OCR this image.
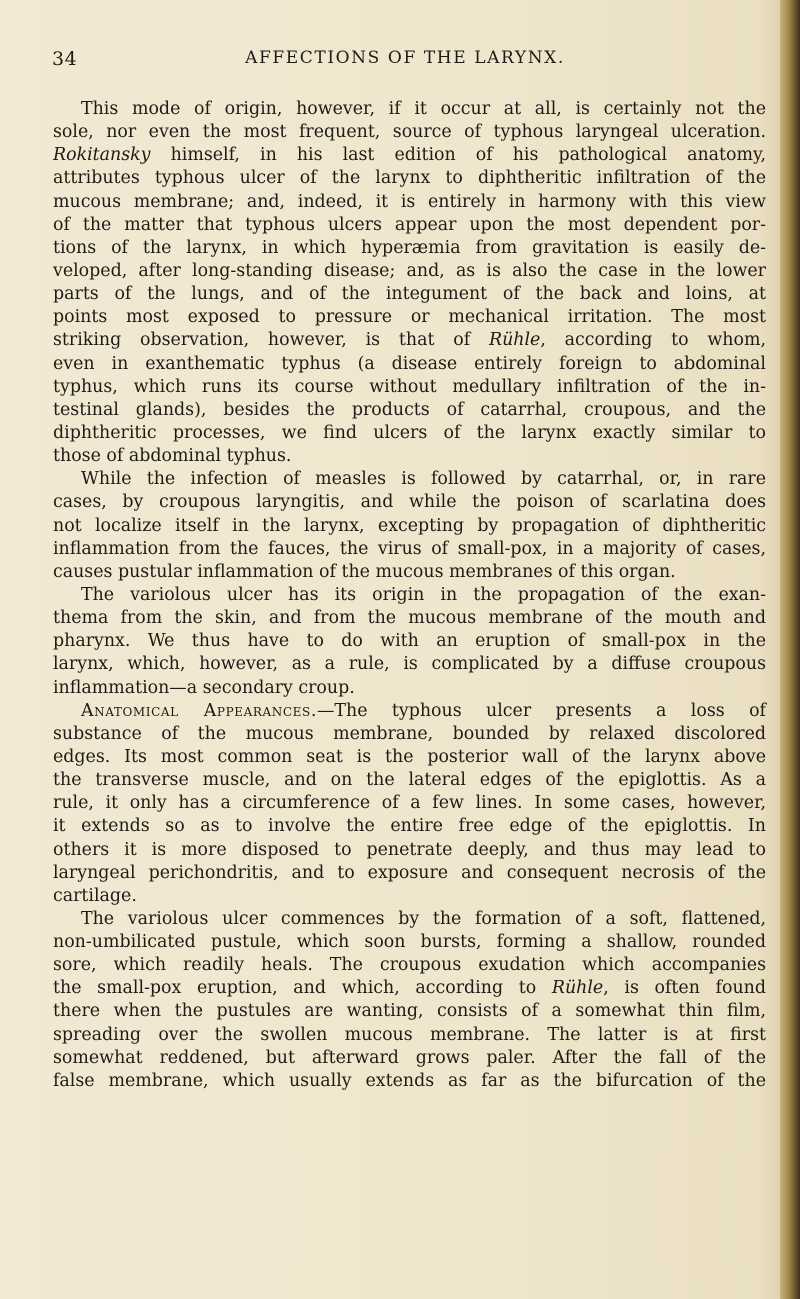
34	AFFECTIONS OF THE LARYNX.
This mode of origin, however, if it occur at all, is certainly not the
sole, nor even the most frequent, source of typhous laryngeal ulceration.
Rokitansky himself, in his last edition of his pathological anatomy,
attributes typhous ulcer of the larynx to diphtheritic infiltration of the
mucous membrane; and, indeed, it is entirely in harmony with this view
of the matter that typhous ulcers appear upon the most dependent por-
tions of the larynx, in which hyperæmia from gravitation is easily de-
veloped, after long-standing disease; and, as is also the case in the lower
parts of the lungs, and of the integument of the back and loins, at
points most exposed to pressure or mechanical irritation. The most
striking observation, however, is that of Rühle, according to whom,
even in exanthematic typhus (a disease entirely foreign to abdominal
typhus, which runs its course without medullary infiltration of the in-
testinal glands), besides the products of catarrhal, croupous, and the
diphtheritic processes, we find ulcers of the larynx exactly similar to
those of abdominal typhus.
While the infection of measles is followed by catarrhal, or, in rare
cases, by croupous laryngitis, and while the poison of scarlatina does
not localize itself in the larynx, excepting by propagation of diphtheritic
inflammation from the fauces, the virus of small-pox, in a majority of cases,
causes pustular inflammation of the mucous membranes of this organ.
The variolous ulcer has its origin in the propagation of the exan-
thema from the skin, and from the mucous membrane of the mouth and
pharynx. We thus have to do with an eruption of small-pox in the
larynx, which, however, as a rule, is complicated by a diffuse croupous
inflammation—a secondary croup.
Anatomical Appearances.—The typhous ulcer presents a loss of
substance of the mucous membrane, bounded by relaxed discolored
edges. Its most common seat is the posterior wall of the larynx above
the transverse muscle, and on the lateral edges of the epiglottis. As a
rule, it only has a circumference of a few lines. In some cases, however,
it extends so as to involve the entire free edge of the epiglottis. In
others it is more disposed to penetrate deeply, and thus may lead to
laryngeal perichondritis, and to exposure and consequent necrosis of the
cartilage.
The variolous ulcer commences by the formation of a soft, flattened,
non-umbilicated pustule, which soon bursts, forming a shallow, rounded
sore, which readily heals. The croupous exudation which accompanies
the small-pox eruption, and which, according to Rühle, is often found
there when the pustules are wanting, consists of a somewhat thin film,
spreading over the swollen mucous membrane. The latter is at first
somewhat reddened, but afterward grows paler. After the fall of the
false membrane, which usually extends as far as the bifurcation of the
